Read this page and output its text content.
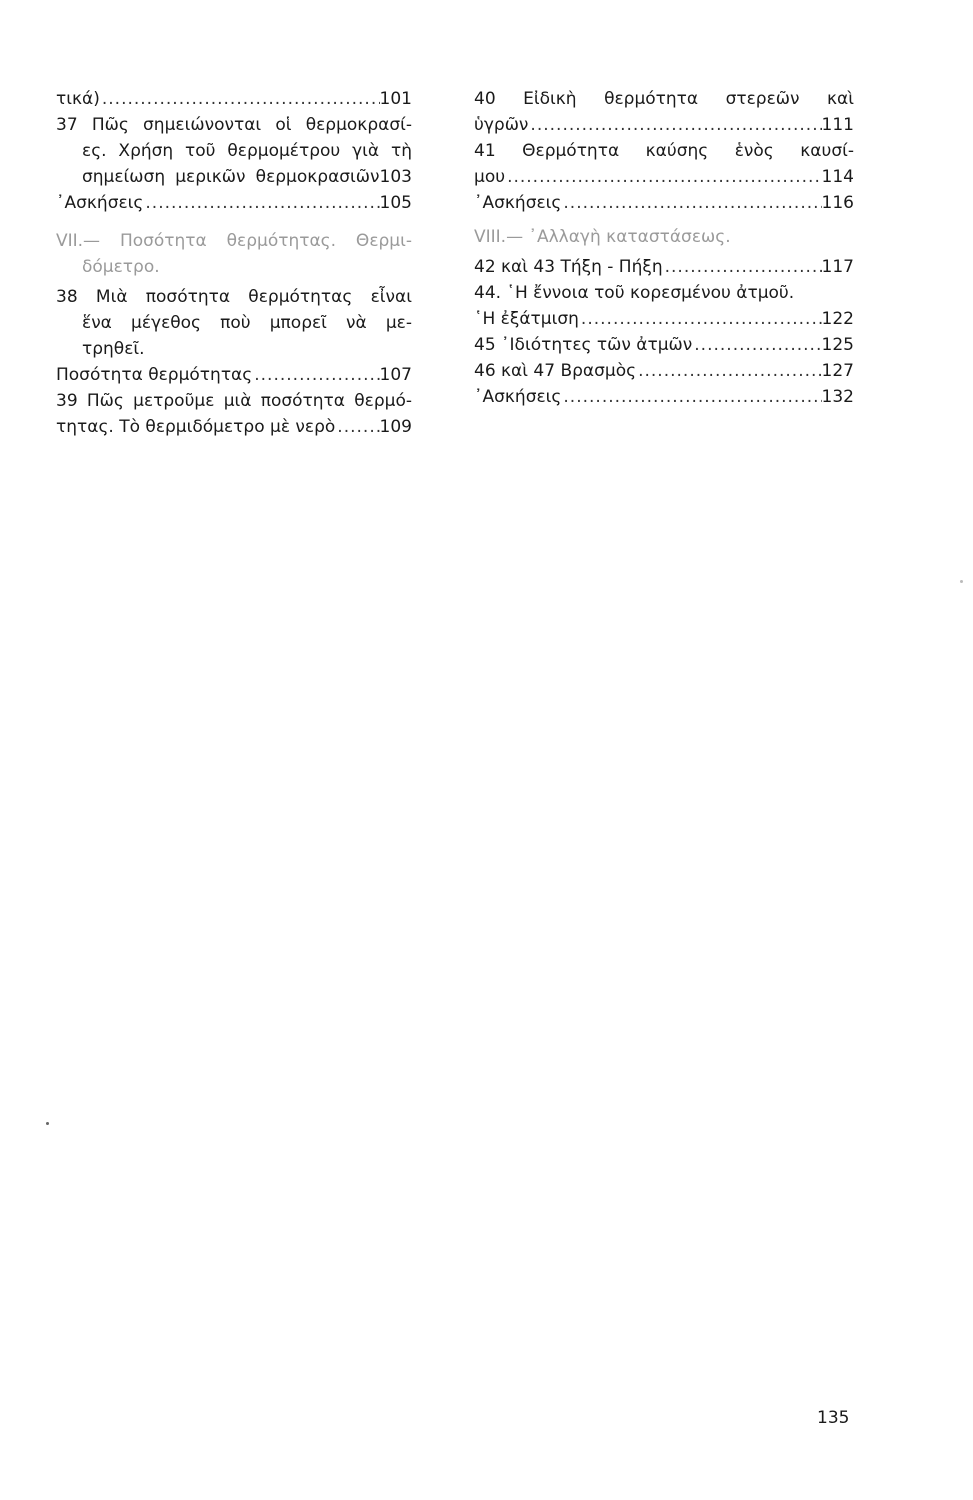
τικά) .....	101
37 Πῶς σημειώνονται οἱ θερμοκρασί-
ες. Χρήση τοῦ θερμομέτρου γιὰ τὴ
σημείωση μερικῶν θερμοκρασιῶν103
᾿Ασκήσεις .....	105
VII.— Ποσότητα θερμότητας. Θερμι-
δόμετρο.
38 Μιὰ ποσότητα θερμότητας εἶναι
ἕνα μέγεθος ποὺ μπορεῖ νὰ με-
τρηθεῖ.
Ποσότητα θερμότητας .....	107
39 Πῶς μετροῦμε μιὰ ποσότητα θερμό-
τητας. Τὸ θερμιδόμετρο μὲ νερὸ .....	109
40 Εἰδικὴ θερμότητα στερεῶν καὶ
ὑγρῶν .....	111
41 Θερμότητα καύσης ἑνὸς καυσί-
μου .....	114
᾿Ασκήσεις .....	116
VIII.— ᾿Αλλαγὴ καταστάσεως.
42 καὶ 43 Τήξη - Πήξη .....	117
44. ῾Η ἔννοια τοῦ κορεσμένου ἀτμοῦ.
῾Η ἐξάτμιση .....	122
45 ᾿Ιδιότητες τῶν ἀτμῶν .....	125
46 καὶ 47 Βρασμὸς .....	127
᾿Ασκήσεις .....	132
135
